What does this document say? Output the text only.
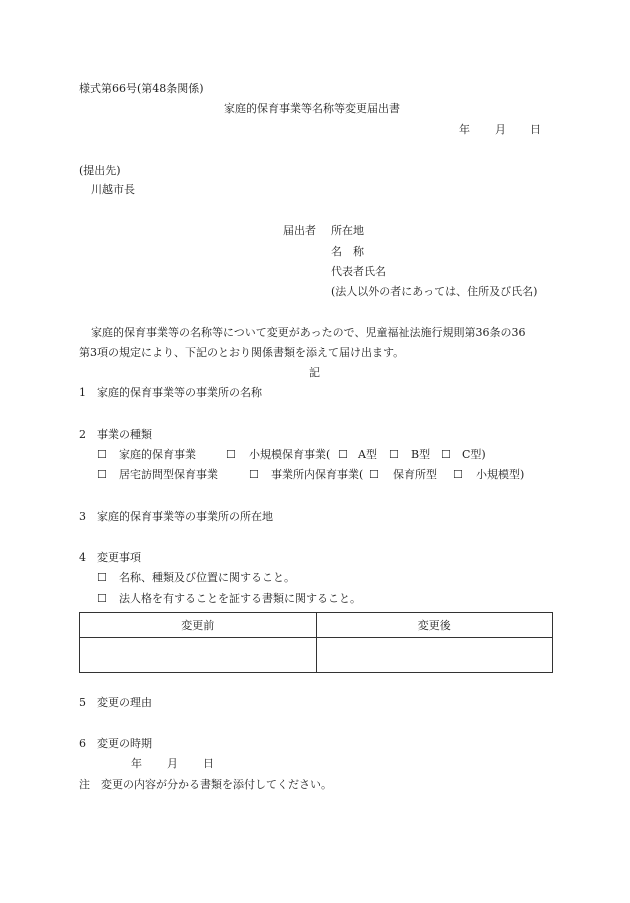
様式第66号(第48条関係)
家庭的保育事業等名称等変更届出書
年 月 日
(提出先)
川越市長
届出者 所在地
名　称
代表者氏名
(法人以外の者にあっては、住所及び氏名)
家庭的保育事業等の名称等について変更があったので、児童福祉法施行規則第36条の36
第3項の規定により、下記のとおり関係書類を添えて届け出ます。
記
1　家庭的保育事業等の事業所の名称
2　事業の種類
☐ 家庭的保育事業	☐ 小規模保育事業( ☐ A型 ☐ B型 ☐ C型)
☐ 居宅訪問型保育事業	☐ 事業所内保育事業( ☐ 保育所型 ☐ 小規模型)
3　家庭的保育事業等の事業所の所在地
4　変更事項
☐ 名称、種類及び位置に関すること。
☐ 法人格を有することを証する書類に関すること。
変更前	変更後

5　変更の理由
6　変更の時期
年 月 日
注　変更の内容が分かる書類を添付してください。
